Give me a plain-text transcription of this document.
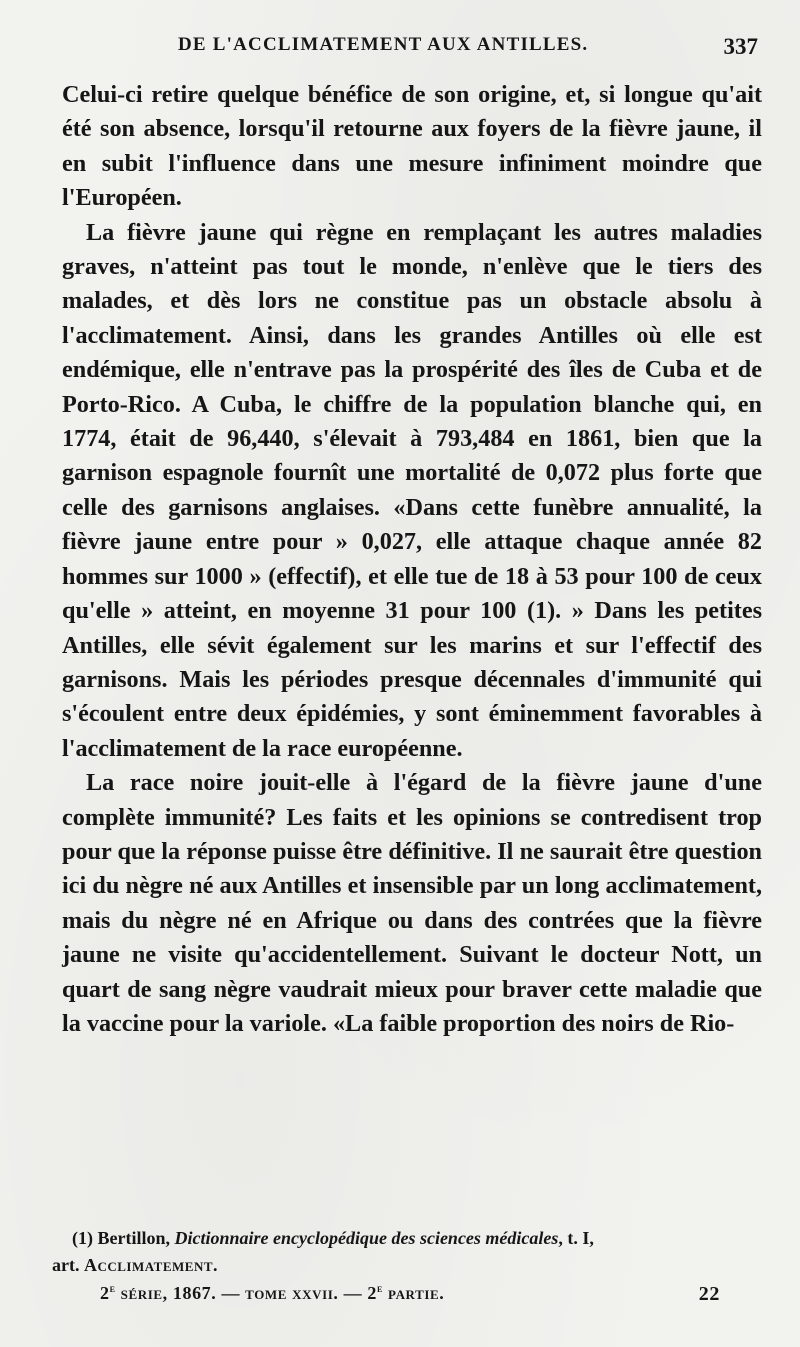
DE L'ACCLIMATEMENT AUX ANTILLES.	337

Celui-ci retire quelque bénéfice de son origine, et, si longue qu'ait été son absence, lorsqu'il retourne aux foyers de la fièvre jaune, il en subit l'influence dans une mesure infiniment moindre que l'Européen.

La fièvre jaune qui règne en remplaçant les autres maladies graves, n'atteint pas tout le monde, n'enlève que le tiers des malades, et dès lors ne constitue pas un obstacle absolu à l'acclimatement. Ainsi, dans les grandes Antilles où elle est endémique, elle n'entrave pas la prospérité des îles de Cuba et de Porto-Rico. A Cuba, le chiffre de la population blanche qui, en 1774, était de 96,440, s'élevait à 793,484 en 1861, bien que la garnison espagnole fournît une mortalité de 0,072 plus forte que celle des garnisons anglaises. «Dans cette funèbre annualité, la fièvre jaune entre pour » 0,027, elle attaque chaque année 82 hommes sur 1000 » (effectif), et elle tue de 18 à 53 pour 100 de ceux qu'elle » atteint, en moyenne 31 pour 100 (1). » Dans les petites Antilles, elle sévit également sur les marins et sur l'effectif des garnisons. Mais les périodes presque décennales d'immunité qui s'écoulent entre deux épidémies, y sont éminemment favorables à l'acclimatement de la race européenne.

La race noire jouit-elle à l'égard de la fièvre jaune d'une complète immunité? Les faits et les opinions se contredisent trop pour que la réponse puisse être définitive. Il ne saurait être question ici du nègre né aux Antilles et insensible par un long acclimatement, mais du nègre né en Afrique ou dans des contrées que la fièvre jaune ne visite qu'accidentellement. Suivant le docteur Nott, un quart de sang nègre vaudrait mieux pour braver cette maladie que la vaccine pour la variole. «La faible proportion des noirs de Rio-

(1) Bertillon, Dictionnaire encyclopédique des sciences médicales, t. I,
art. Acclimatement.

2e série, 1867. — tome xxvii. — 2e partie.	22
